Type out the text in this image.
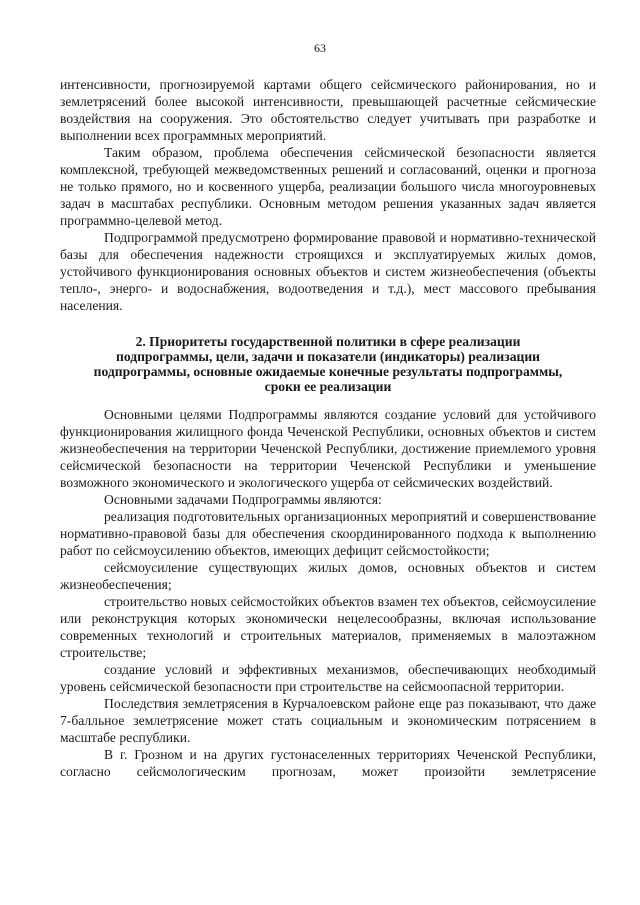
63

интенсивности, прогнозируемой картами общего сейсмического районирования, но и землетрясений более высокой интенсивности, превышающей расчетные сейсмические воздействия на сооружения. Это обстоятельство следует учитывать при разработке и выполнении всех программных мероприятий.

Таким образом, проблема обеспечения сейсмической безопасности является комплексной, требующей межведомственных решений и согласований, оценки и прогноза не только прямого, но и косвенного ущерба, реализации большого числа многоуровневых задач в масштабах республики. Основным методом решения указанных задач является программно-целевой метод.

Подпрограммой предусмотрено формирование правовой и нормативно-технической базы для обеспечения надежности строящихся и эксплуатируемых жилых домов, устойчивого функционирования основных объектов и систем жизнеобеспечения (объекты тепло-, энерго- и водоснабжения, водоотведения и т.д.), мест массового пребывания населения.

2. Приоритеты государственной политики в сфере реализации подпрограммы, цели, задачи и показатели (индикаторы) реализации подпрограммы, основные ожидаемые конечные результаты подпрограммы, сроки ее реализации

Основными целями Подпрограммы являются создание условий для устойчивого функционирования жилищного фонда Чеченской Республики, основных объектов и систем жизнеобеспечения на территории Чеченской Республики, достижение приемлемого уровня сейсмической безопасности на территории Чеченской Республики и уменьшение возможного экономического и экологического ущерба от сейсмических воздействий.

Основными задачами Подпрограммы являются:

реализация подготовительных организационных мероприятий и совершенствование нормативно-правовой базы для обеспечения скоординированного подхода к выполнению работ по сейсмоусилению объектов, имеющих дефицит сейсмостойкости;

сейсмоусиление существующих жилых домов, основных объектов и систем жизнеобеспечения;

строительство новых сейсмостойких объектов взамен тех объектов, сейсмоусиление или реконструкция которых экономически нецелесообразны, включая использование современных технологий и строительных материалов, применяемых в малоэтажном строительстве;

создание условий и эффективных механизмов, обеспечивающих необходимый уровень сейсмической безопасности при строительстве на сейсмоопасной территории.

Последствия землетрясения в Курчалоевском районе еще раз показывают, что даже 7-балльное землетрясение может стать социальным и экономическим потрясением в масштабе республики.

В г. Грозном и на других густонаселенных территориях Чеченской Республики, согласно сейсмологическим прогнозам, может произойти землетрясение
